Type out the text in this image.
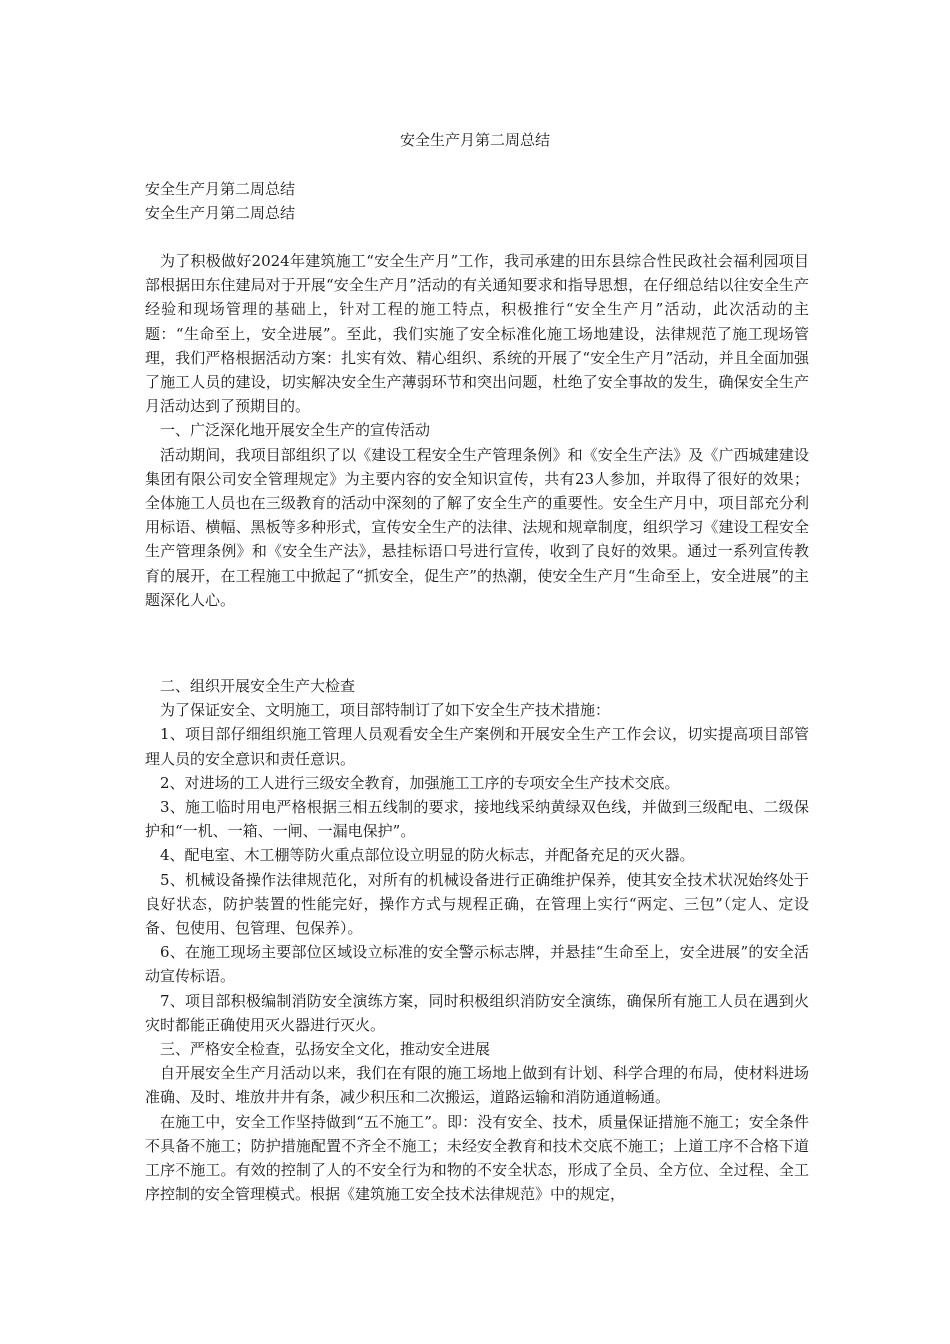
安全生产月第二周总结
安全生产月第二周总结
安全生产月第二周总结

为了积极做好2024年建筑施工“安全生产月”工作，我司承建的田东县综合性民政社会福利园项目部根据田东住建局对于开展“安全生产月”活动的有关通知要求和指导思想，在仔细总结以往安全生产经验和现场管理的基础上，针对工程的施工特点，积极推行“安全生产月”活动，此次活动的主题：“生命至上，安全进展”。至此，我们实施了安全标准化施工场地建设，法律规范了施工现场管理，我们严格根据活动方案：扎实有效、精心组织、系统的开展了“安全生产月”活动，并且全面加强了施工人员的建设，切实解决安全生产薄弱环节和突出问题，杜绝了安全事故的发生，确保安全生产月活动达到了预期目的。

一、广泛深化地开展安全生产的宣传活动

活动期间，我项目部组织了以《建设工程安全生产管理条例》和《安全生产法》及《广西城建建设集团有限公司安全管理规定》为主要内容的安全知识宣传，共有23人参加，并取得了很好的效果；全体施工人员也在三级教育的活动中深刻的了解了安全生产的重要性。安全生产月中，项目部充分利用标语、横幅、黑板等多种形式，宣传安全生产的法律、法规和规章制度，组织学习《建设工程安全生产管理条例》和《安全生产法》，悬挂标语口号进行宣传，收到了良好的效果。通过一系列宣传教育的展开，在工程施工中掀起了“抓安全，促生产”的热潮，使安全生产月“生命至上，安全进展”的主题深化人心。

二、组织开展安全生产大检查

为了保证安全、文明施工，项目部特制订了如下安全生产技术措施：

1、项目部仔细组织施工管理人员观看安全生产案例和开展安全生产工作会议，切实提高项目部管理人员的安全意识和责任意识。

2、对进场的工人进行三级安全教育，加强施工工序的专项安全生产技术交底。

3、施工临时用电严格根据三相五线制的要求，接地线采纳黄绿双色线，并做到三级配电、二级保护和“一机、一箱、一闸、一漏电保护”。

4、配电室、木工棚等防火重点部位设立明显的防火标志，并配备充足的灭火器。

5、机械设备操作法律规范化，对所有的机械设备进行正确维护保养，使其安全技术状况始终处于良好状态，防护装置的性能完好，操作方式与规程正确，在管理上实行“两定、三包”（定人、定设备、包使用、包管理、包保养）。

6、在施工现场主要部位区域设立标准的安全警示标志牌，并悬挂“生命至上，安全进展”的安全活动宣传标语。

7、项目部积极编制消防安全演练方案，同时积极组织消防安全演练，确保所有施工人员在遇到火灾时都能正确使用灭火器进行灭火。

三、严格安全检查，弘扬安全文化，推动安全进展

自开展安全生产月活动以来，我们在有限的施工场地上做到有计划、科学合理的布局，使材料进场准确、及时、堆放井井有条，减少积压和二次搬运，道路运输和消防通道畅通。

在施工中，安全工作坚持做到“五不施工”。即：没有安全、技术，质量保证措施不施工；安全条件不具备不施工；防护措施配置不齐全不施工；未经安全教育和技术交底不施工；上道工序不合格下道工序不施工。有效的控制了人的不安全行为和物的不安全状态，形成了全员、全方位、全过程、全工序控制的安全管理模式。根据《建筑施工安全技术法律规范》中的规定，
